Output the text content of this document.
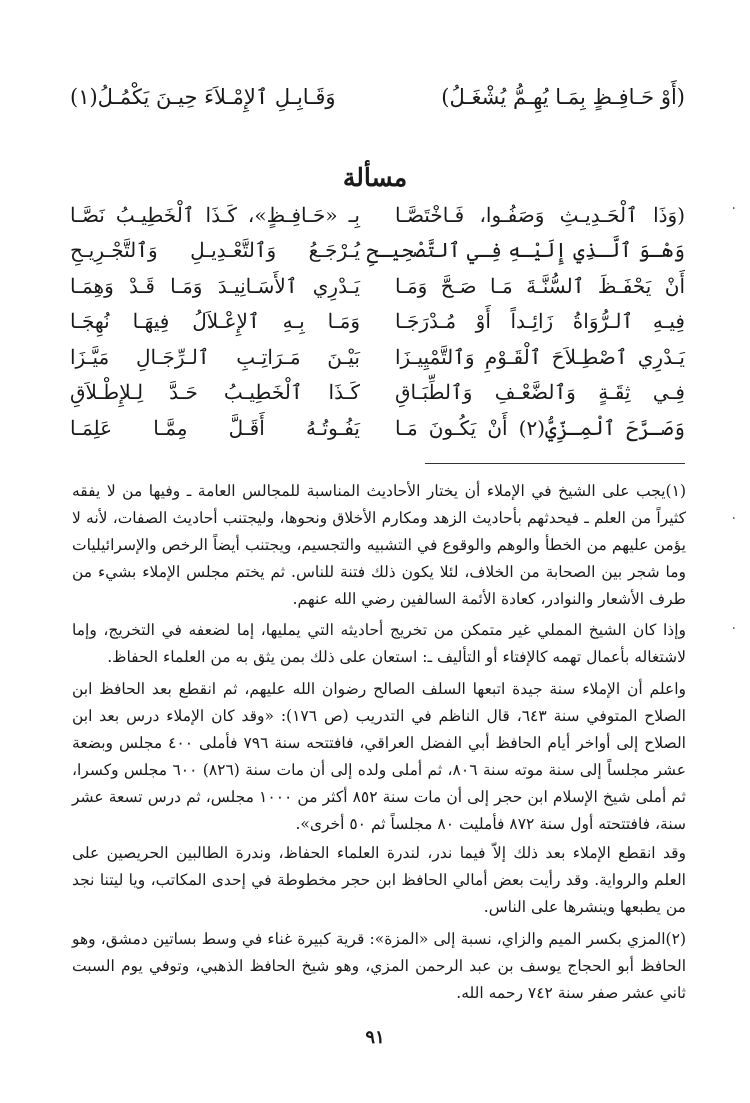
(أَوْ حَـافِـظٍ بِمَـا يُهِـمُّ يُشْغَـلُ)
وَقَـابِـلِ ٱلإِمْـلاَءَ حِيـنَ يَكْمُـلُ(١)
مسألة
(وَذَا ٱلْحَـدِيـثِ وَصَفُـوا، فَـاخْتَصَّـا
بِـ «حَـافِـظٍ»، كَـذَا ٱلْخَطِيـبُ نَصَّـا
وَهْـوَ ٱلَّـذِي إِلَيْـهِ فِـي ٱلتَّصْحِيـحِ
يُـرْجَـعُ وَٱلتَّعْـدِيـلِ وَٱلتَّجْـرِيـحِ
أَنْ يَحْفَـظَ ٱلسُّنَّـةَ مَـا صَـحَّ وَمَـا
يَـدْرِي ٱلأَسَـانِيـدَ وَمَـا قَـدْ وَهِمَـا
فِيـهِ ٱلـرُّوَاةُ زَائِـداً أَوْ مُـدْرَجَـا
وَمَـا بِـهِ ٱلإِعْـلاَلُ فِيهَـا نُهِجَـا
يَـدْرِي ٱصْطِـلاَحَ ٱلْقَـوْمِ وَٱلتَّمْيِيـزَا
بَيْـنَ مَـرَاتِـبِ ٱلـرِّجَـالِ مَيَّـزَا
فِـي ثِقَـةٍ وَٱلضَّعْـفِ وَٱلطِّبَـاقِ
كَـذَا ٱلْخَطِيـبُ حَـدَّ لِـلإِطْـلاَقِ
وَصَـرَّحَ ٱلْمِـزِّيُّ(٢) أَنْ يَكُـونَ مَـا
يَفُـوتُـهُ أَقَـلَّ مِمَّـا عَلِمَـا
(١)يجب على الشيخ في الإملاء أن يختار الأحاديث المناسبة للمجالس العامة ـ وفيها من لا يفقه كثيراً من العلم ـ فيحدثهم بأحاديث الزهد ومكارم الأخلاق ونحوها، وليجتنب أحاديث الصفات، لأنه لا يؤمن عليهم من الخطأ والوهم والوقوع في التشبيه والتجسيم، ويجتنب أيضاً الرخص والإسرائيليات وما شجر بين الصحابة من الخلاف، لئلا يكون ذلك فتنة للناس. ثم يختم مجلس الإملاء بشيء من طرف الأشعار والنوادر، كعادة الأئمة السالفين رضي الله عنهم.
وإذا كان الشيخ المملي غير متمكن من تخريج أحاديثه التي يمليها، إما لضعفه في التخريج، وإما لاشتغاله بأعمال تهمه كالإفتاء أو التأليف ـ: استعان على ذلك بمن يثق به من العلماء الحفاظ.
واعلم أن الإملاء سنة جيدة اتبعها السلف الصالح رضوان الله عليهم، ثم انقطع بعد الحافظ ابن الصلاح المتوفي سنة ٦٤٣، قال الناظم في التدريب (ص ١٧٦): «وقد كان الإملاء درس بعد ابن الصلاح إلى أواخر أيام الحافظ أبي الفضل العراقي، فافتتحه سنة ٧٩٦ فأملى ٤٠٠ مجلس وبضعة عشر مجلساً إلى سنة موته سنة ٨٠٦، ثم أملى ولده إلى أن مات سنة (٨٢٦) ٦٠٠ مجلس وكسرا، ثم أملى شيخ الإسلام ابن حجر إلى أن مات سنة ٨٥٢ أكثر من ١٠٠٠ مجلس، ثم درس تسعة عشر سنة، فافتتحته أول سنة ٨٧٢ فأمليت ٨٠ مجلساً ثم ٥٠ أخرى».
وقد انقطع الإملاء بعد ذلك إلاّ فيما ندر، لندرة العلماء الحفاظ، وندرة الطالبين الحريصين على العلم والرواية. وقد رأيت بعض أمالي الحافظ ابن حجر مخطوطة في إحدى المكاتب، ويا ليتنا نجد من يطبعها وينشرها على الناس.
(٢)المزي بكسر الميم والزاي، نسبة إلى «المزة»: قرية كبيرة غناء في وسط بساتين دمشق، وهو الحافظ أبو الحجاج يوسف بن عبد الرحمن المزي، وهو شيخ الحافظ الذهبي، وتوفي يوم السبت ثاني عشر صفر سنة ٧٤٢ رحمه الله.
٩١
٠
٠
٠
